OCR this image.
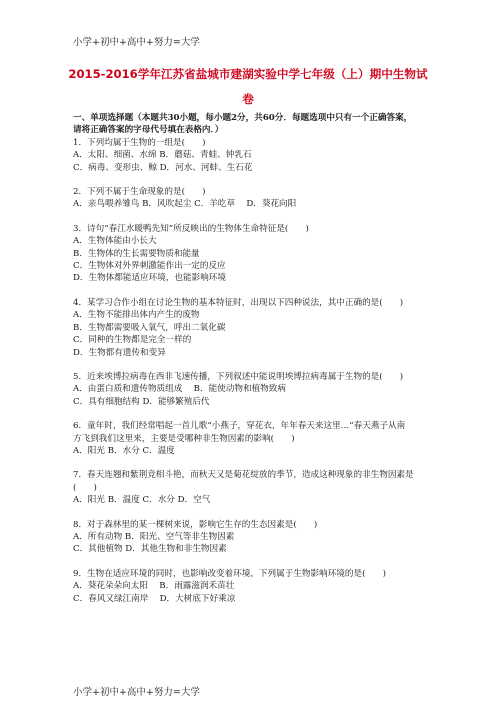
小学+初中+高中+努力=大学
2015-2016学年江苏省盐城市建湖实验中学七年级（上）期中生物试
卷

一、单项选择题（本题共30小题，每小题2分，共60分．每题选项中只有一个正确答案，

请将正确答案的字母代号填在表格内．）

1．下列均属于生物的一组是(　　)

A．太阳、细菌、水绵 B．蘑菇、青蛙、钟乳石

C．病毒、变形虫、鲸 D．河水、河蚌、生石花

2．下列不属于生命现象的是(　　)

A．亲鸟喂养雏鸟 B．风吹起尘 C．羊吃草　 D．葵花向阳

3．诗句“春江水暖鸭先知”所反映出的生物体生命特征是(　　)

A．生物体能由小长大

B．生物体的生长需要物质和能量

C．生物体对外界刺激能作出一定的反应

D．生物体都能适应环境，也能影响环境

4．某学习合作小组在讨论生物的基本特征时，出现以下四种说法，其中正确的是(　　)

A．生物不能排出体内产生的废物

B．生物都需要吸入氧气，呼出二氧化碳

C．同种的生物都是完全一样的

D．生物都有遗传和变异

5．近来埃博拉病毒在西非飞速传播，下列叙述中能说明埃博拉病毒属于生物的是(　　)

A．由蛋白质和遗传物质组成　 B．能使动物和植物致病

C．具有细胞结构 D．能够繁殖后代

6．童年时，我们经常唱起一首儿歌“小燕子，穿花衣，年年春天来这里…”春天燕子从南

方飞到我们这里来，主要是受哪种非生物因素的影响(　　)

A．阳光 B．水分 C．温度

7．春天连翘和紫荆竞相斗艳，而秋天又是菊花绽放的季节，造成这种现象的非生物因素是

(　　)

A．阳光 B．温度 C．水分 D．空气

8．对于森林里的某一棵树来说，影响它生存的生态因素是(　　)

A．所有动物 B．阳光、空气等非生物因素

C．其他植物 D．其他生物和非生物因素

9．生物在适应环境的同时，也影响改变着环境，下列属于生物影响环境的是(　　)

A．葵花朵朵向太阳　 B．雨露滋润禾苗壮

C．春风又绿江南岸　 D．大树底下好乘凉

小学+初中+高中+努力=大学
